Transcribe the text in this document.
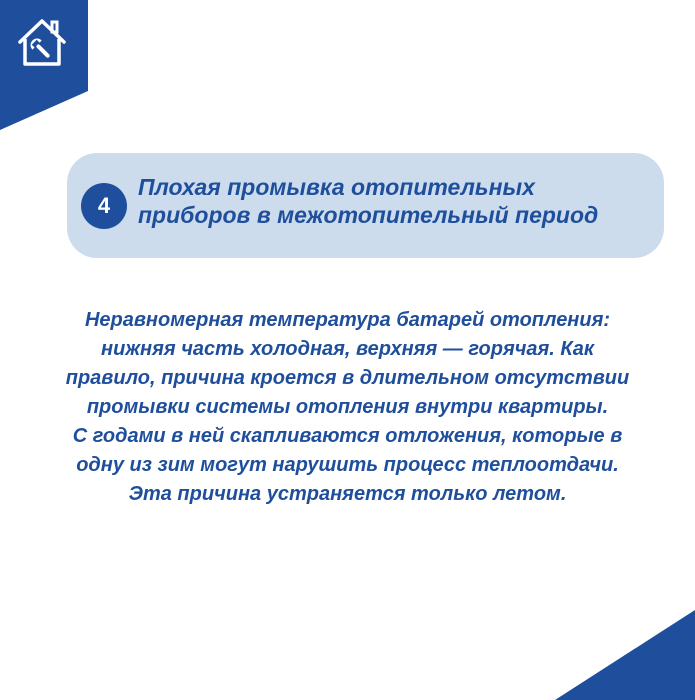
4
Плохая промывка отопительных
приборов в межотопительный период

Неравномерная температура батарей отопления:
нижняя часть холодная, верхняя — горячая. Как
правило, причина кроется в длительном отсутствии
промывки системы отопления внутри квартиры.
С годами в ней скапливаются отложения, которые в
одну из зим могут нарушить процесс теплоотдачи.
Эта причина устраняется только летом.
